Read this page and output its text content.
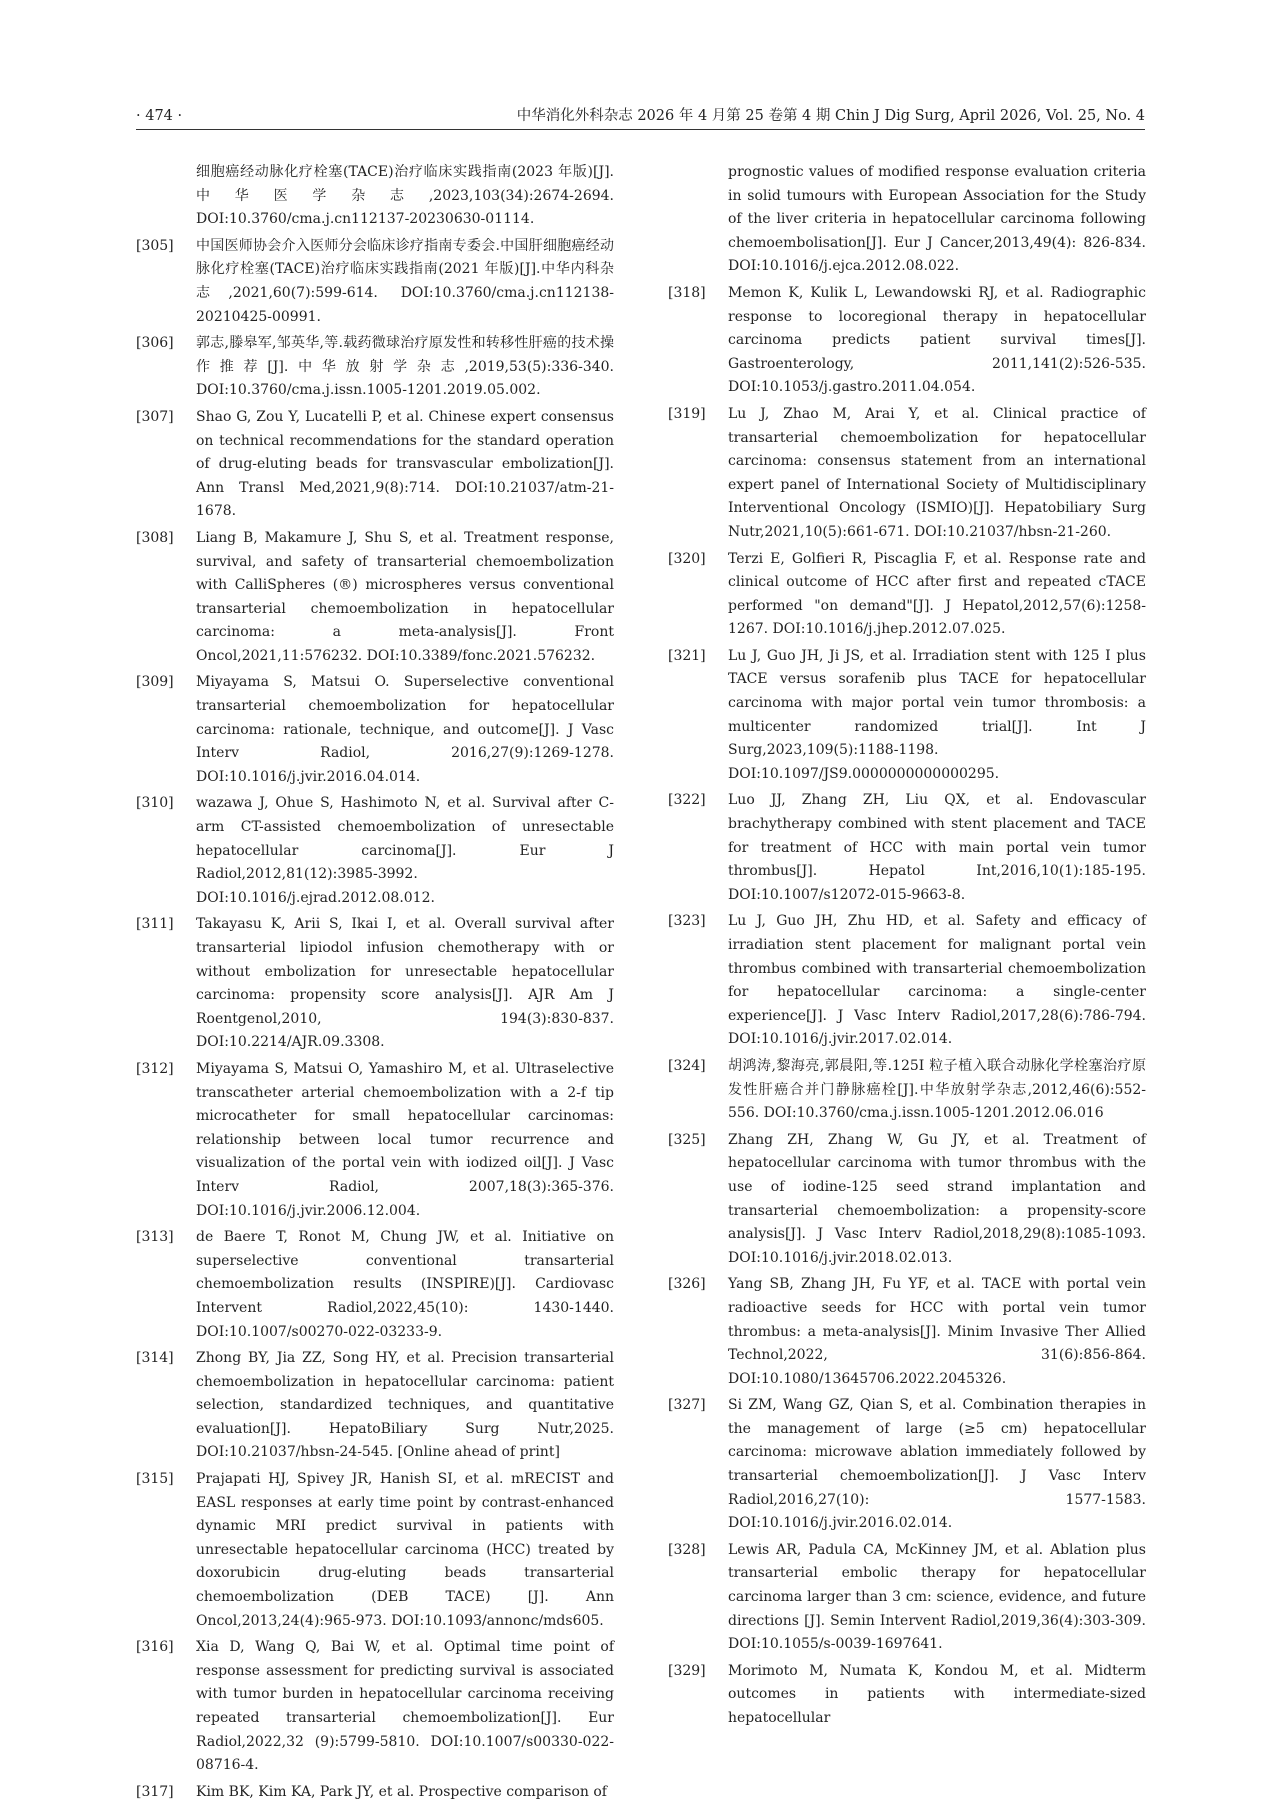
· 474 ·	中华消化外科杂志 2026 年 4 月第 25 卷第 4 期 Chin J Dig Surg, April 2026, Vol. 25, No. 4
细胞癌经动脉化疗栓塞(TACE)治疗临床实践指南(2023 年版)[J]. 中华医学杂志,2023,103(34):2674-2694. DOI:10.3760/cma.j.cn112137-20230630-01114.
[305] 中国医师协会介入医师分会临床诊疗指南专委会.中国肝细胞癌经动脉化疗栓塞(TACE)治疗临床实践指南(2021 年版)[J].中华内科杂志,2021,60(7):599-614. DOI:10.3760/cma.j.cn112138-20210425-00991.
[306] 郭志,滕皋军,邹英华,等.载药微球治疗原发性和转移性肝癌的技术操作推荐[J].中华放射学杂志,2019,53(5):336-340. DOI:10.3760/cma.j.issn.1005-1201.2019.05.002.
[307] Shao G, Zou Y, Lucatelli P, et al. Chinese expert consensus on technical recommendations for the standard operation of drug-eluting beads for transvascular embolization[J]. Ann Transl Med,2021,9(8):714. DOI:10.21037/atm-21-1678.
[308] Liang B, Makamure J, Shu S, et al. Treatment response, survival, and safety of transarterial chemoembolization with CalliSpheres (®) microspheres versus conventional transarterial chemoembolization in hepatocellular carcinoma: a meta-analysis[J]. Front Oncol,2021,11:576232. DOI:10.3389/fonc.2021.576232.
[309] Miyayama S, Matsui O. Superselective conventional transarterial chemoembolization for hepatocellular carcinoma: rationale, technique, and outcome[J]. J Vasc Interv Radiol, 2016,27(9):1269-1278. DOI:10.1016/j.jvir.2016.04.014.
[310] wazawa J, Ohue S, Hashimoto N, et al. Survival after C-arm CT-assisted chemoembolization of unresectable hepatocellular carcinoma[J]. Eur J Radiol,2012,81(12):3985-3992. DOI:10.1016/j.ejrad.2012.08.012.
[311] Takayasu K, Arii S, Ikai I, et al. Overall survival after transarterial lipiodol infusion chemotherapy with or without embolization for unresectable hepatocellular carcinoma: propensity score analysis[J]. AJR Am J Roentgenol,2010, 194(3):830-837. DOI:10.2214/AJR.09.3308.
[312] Miyayama S, Matsui O, Yamashiro M, et al. Ultraselective transcatheter arterial chemoembolization with a 2-f tip microcatheter for small hepatocellular carcinomas: relationship between local tumor recurrence and visualization of the portal vein with iodized oil[J]. J Vasc Interv Radiol, 2007,18(3):365-376. DOI:10.1016/j.jvir.2006.12.004.
[313] de Baere T, Ronot M, Chung JW, et al. Initiative on superselective conventional transarterial chemoembolization results (INSPIRE)[J]. Cardiovasc Intervent Radiol,2022,45(10): 1430-1440. DOI:10.1007/s00270-022-03233-9.
[314] Zhong BY, Jia ZZ, Song HY, et al. Precision transarterial chemoembolization in hepatocellular carcinoma: patient selection, standardized techniques, and quantitative evaluation[J]. HepatoBiliary Surg Nutr,2025. DOI:10.21037/hbsn-24-545. [Online ahead of print]
[315] Prajapati HJ, Spivey JR, Hanish SI, et al. mRECIST and EASL responses at early time point by contrast-enhanced dynamic MRI predict survival in patients with unresectable hepatocellular carcinoma (HCC) treated by doxorubicin drug-eluting beads transarterial chemoembolization (DEB TACE) [J]. Ann Oncol,2013,24(4):965-973. DOI:10.1093/annonc/mds605.
[316] Xia D, Wang Q, Bai W, et al. Optimal time point of response assessment for predicting survival is associated with tumor burden in hepatocellular carcinoma receiving repeated transarterial chemoembolization[J]. Eur Radiol,2022,32 (9):5799-5810. DOI:10.1007/s00330-022-08716-4.
[317] Kim BK, Kim KA, Park JY, et al. Prospective comparison of
prognostic values of modified response evaluation criteria in solid tumours with European Association for the Study of the liver criteria in hepatocellular carcinoma following chemoembolisation[J]. Eur J Cancer,2013,49(4): 826-834. DOI:10.1016/j.ejca.2012.08.022.
[318] Memon K, Kulik L, Lewandowski RJ, et al. Radiographic response to locoregional therapy in hepatocellular carcinoma predicts patient survival times[J]. Gastroenterology, 2011,141(2):526-535. DOI:10.1053/j.gastro.2011.04.054.
[319] Lu J, Zhao M, Arai Y, et al. Clinical practice of transarterial chemoembolization for hepatocellular carcinoma: consensus statement from an international expert panel of International Society of Multidisciplinary Interventional Oncology (ISMIO)[J]. Hepatobiliary Surg Nutr,2021,10(5):661-671. DOI:10.21037/hbsn-21-260.
[320] Terzi E, Golfieri R, Piscaglia F, et al. Response rate and clinical outcome of HCC after first and repeated cTACE performed "on demand"[J]. J Hepatol,2012,57(6):1258-1267. DOI:10.1016/j.jhep.2012.07.025.
[321] Lu J, Guo JH, Ji JS, et al. Irradiation stent with 125 I plus TACE versus sorafenib plus TACE for hepatocellular carcinoma with major portal vein tumor thrombosis: a multicenter randomized trial[J]. Int J Surg,2023,109(5):1188-1198. DOI:10.1097/JS9.0000000000000295.
[322] Luo JJ, Zhang ZH, Liu QX, et al. Endovascular brachytherapy combined with stent placement and TACE for treatment of HCC with main portal vein tumor thrombus[J]. Hepatol Int,2016,10(1):185-195. DOI:10.1007/s12072-015-9663-8.
[323] Lu J, Guo JH, Zhu HD, et al. Safety and efficacy of irradiation stent placement for malignant portal vein thrombus combined with transarterial chemoembolization for hepatocellular carcinoma: a single-center experience[J]. J Vasc Interv Radiol,2017,28(6):786-794. DOI:10.1016/j.jvir.2017.02.014.
[324] 胡鸿涛,黎海亮,郭晨阳,等.125I 粒子植入联合动脉化学栓塞治疗原发性肝癌合并门静脉癌栓[J].中华放射学杂志,2012,46(6):552-556. DOI:10.3760/cma.j.issn.1005-1201.2012.06.016
[325] Zhang ZH, Zhang W, Gu JY, et al. Treatment of hepatocellular carcinoma with tumor thrombus with the use of iodine-125 seed strand implantation and transarterial chemoembolization: a propensity-score analysis[J]. J Vasc Interv Radiol,2018,29(8):1085-1093. DOI:10.1016/j.jvir.2018.02.013.
[326] Yang SB, Zhang JH, Fu YF, et al. TACE with portal vein radioactive seeds for HCC with portal vein tumor thrombus: a meta-analysis[J]. Minim Invasive Ther Allied Technol,2022, 31(6):856-864. DOI:10.1080/13645706.2022.2045326.
[327] Si ZM, Wang GZ, Qian S, et al. Combination therapies in the management of large (≥5 cm) hepatocellular carcinoma: microwave ablation immediately followed by transarterial chemoembolization[J]. J Vasc Interv Radiol,2016,27(10): 1577-1583. DOI:10.1016/j.jvir.2016.02.014.
[328] Lewis AR, Padula CA, McKinney JM, et al. Ablation plus transarterial embolic therapy for hepatocellular carcinoma larger than 3 cm: science, evidence, and future directions [J]. Semin Intervent Radiol,2019,36(4):303-309. DOI:10.1055/s-0039-1697641.
[329] Morimoto M, Numata K, Kondou M, et al. Midterm outcomes in patients with intermediate-sized hepatocellular
